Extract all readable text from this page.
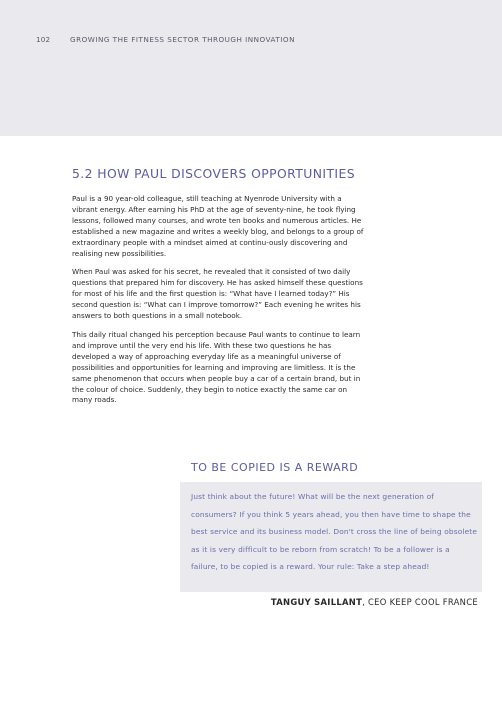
102	GROWING THE FITNESS SECTOR THROUGH INNOVATION
5.2 HOW PAUL DISCOVERS OPPORTUNITIES

Paul is a 90 year-old colleague, still teaching at Nyenrode University with a vibrant energy. After earning his PhD at the age of seventy-nine, he took flying lessons, followed many courses, and wrote ten books and numerous articles. He established a new magazine and writes a weekly blog, and belongs to a group of extraordinary people with a mindset aimed at continu-ously discovering and realising new possibilities.

When Paul was asked for his secret, he revealed that it consisted of two daily questions that prepared him for discovery. He has asked himself these questions for most of his life and the first question is: “What have I learned today?” His second question is: “What can I improve tomorrow?” Each evening he writes his answers to both questions in a small notebook.

This daily ritual changed his perception because Paul wants to continue to learn and improve until the very end his life. With these two questions he has developed a way of approaching everyday life as a meaningful universe of possibilities and opportunities for learning and improving are limitless. It is the same phenomenon that occurs when people buy a car of a certain brand, but in the colour of choice. Suddenly, they begin to notice exactly the same car on many roads.

TO BE COPIED IS A REWARD
Just think about the future! What will be the next generation of consumers? If you think 5 years ahead, you then have time to shape the best service and its business model. Don't cross the line of being obsolete as it is very difficult to be reborn from scratch! To be a follower is a failure, to be copied is a reward. Your rule: Take a step ahead!
TANGUY SAILLANT, CEO KEEP COOL FRANCE
